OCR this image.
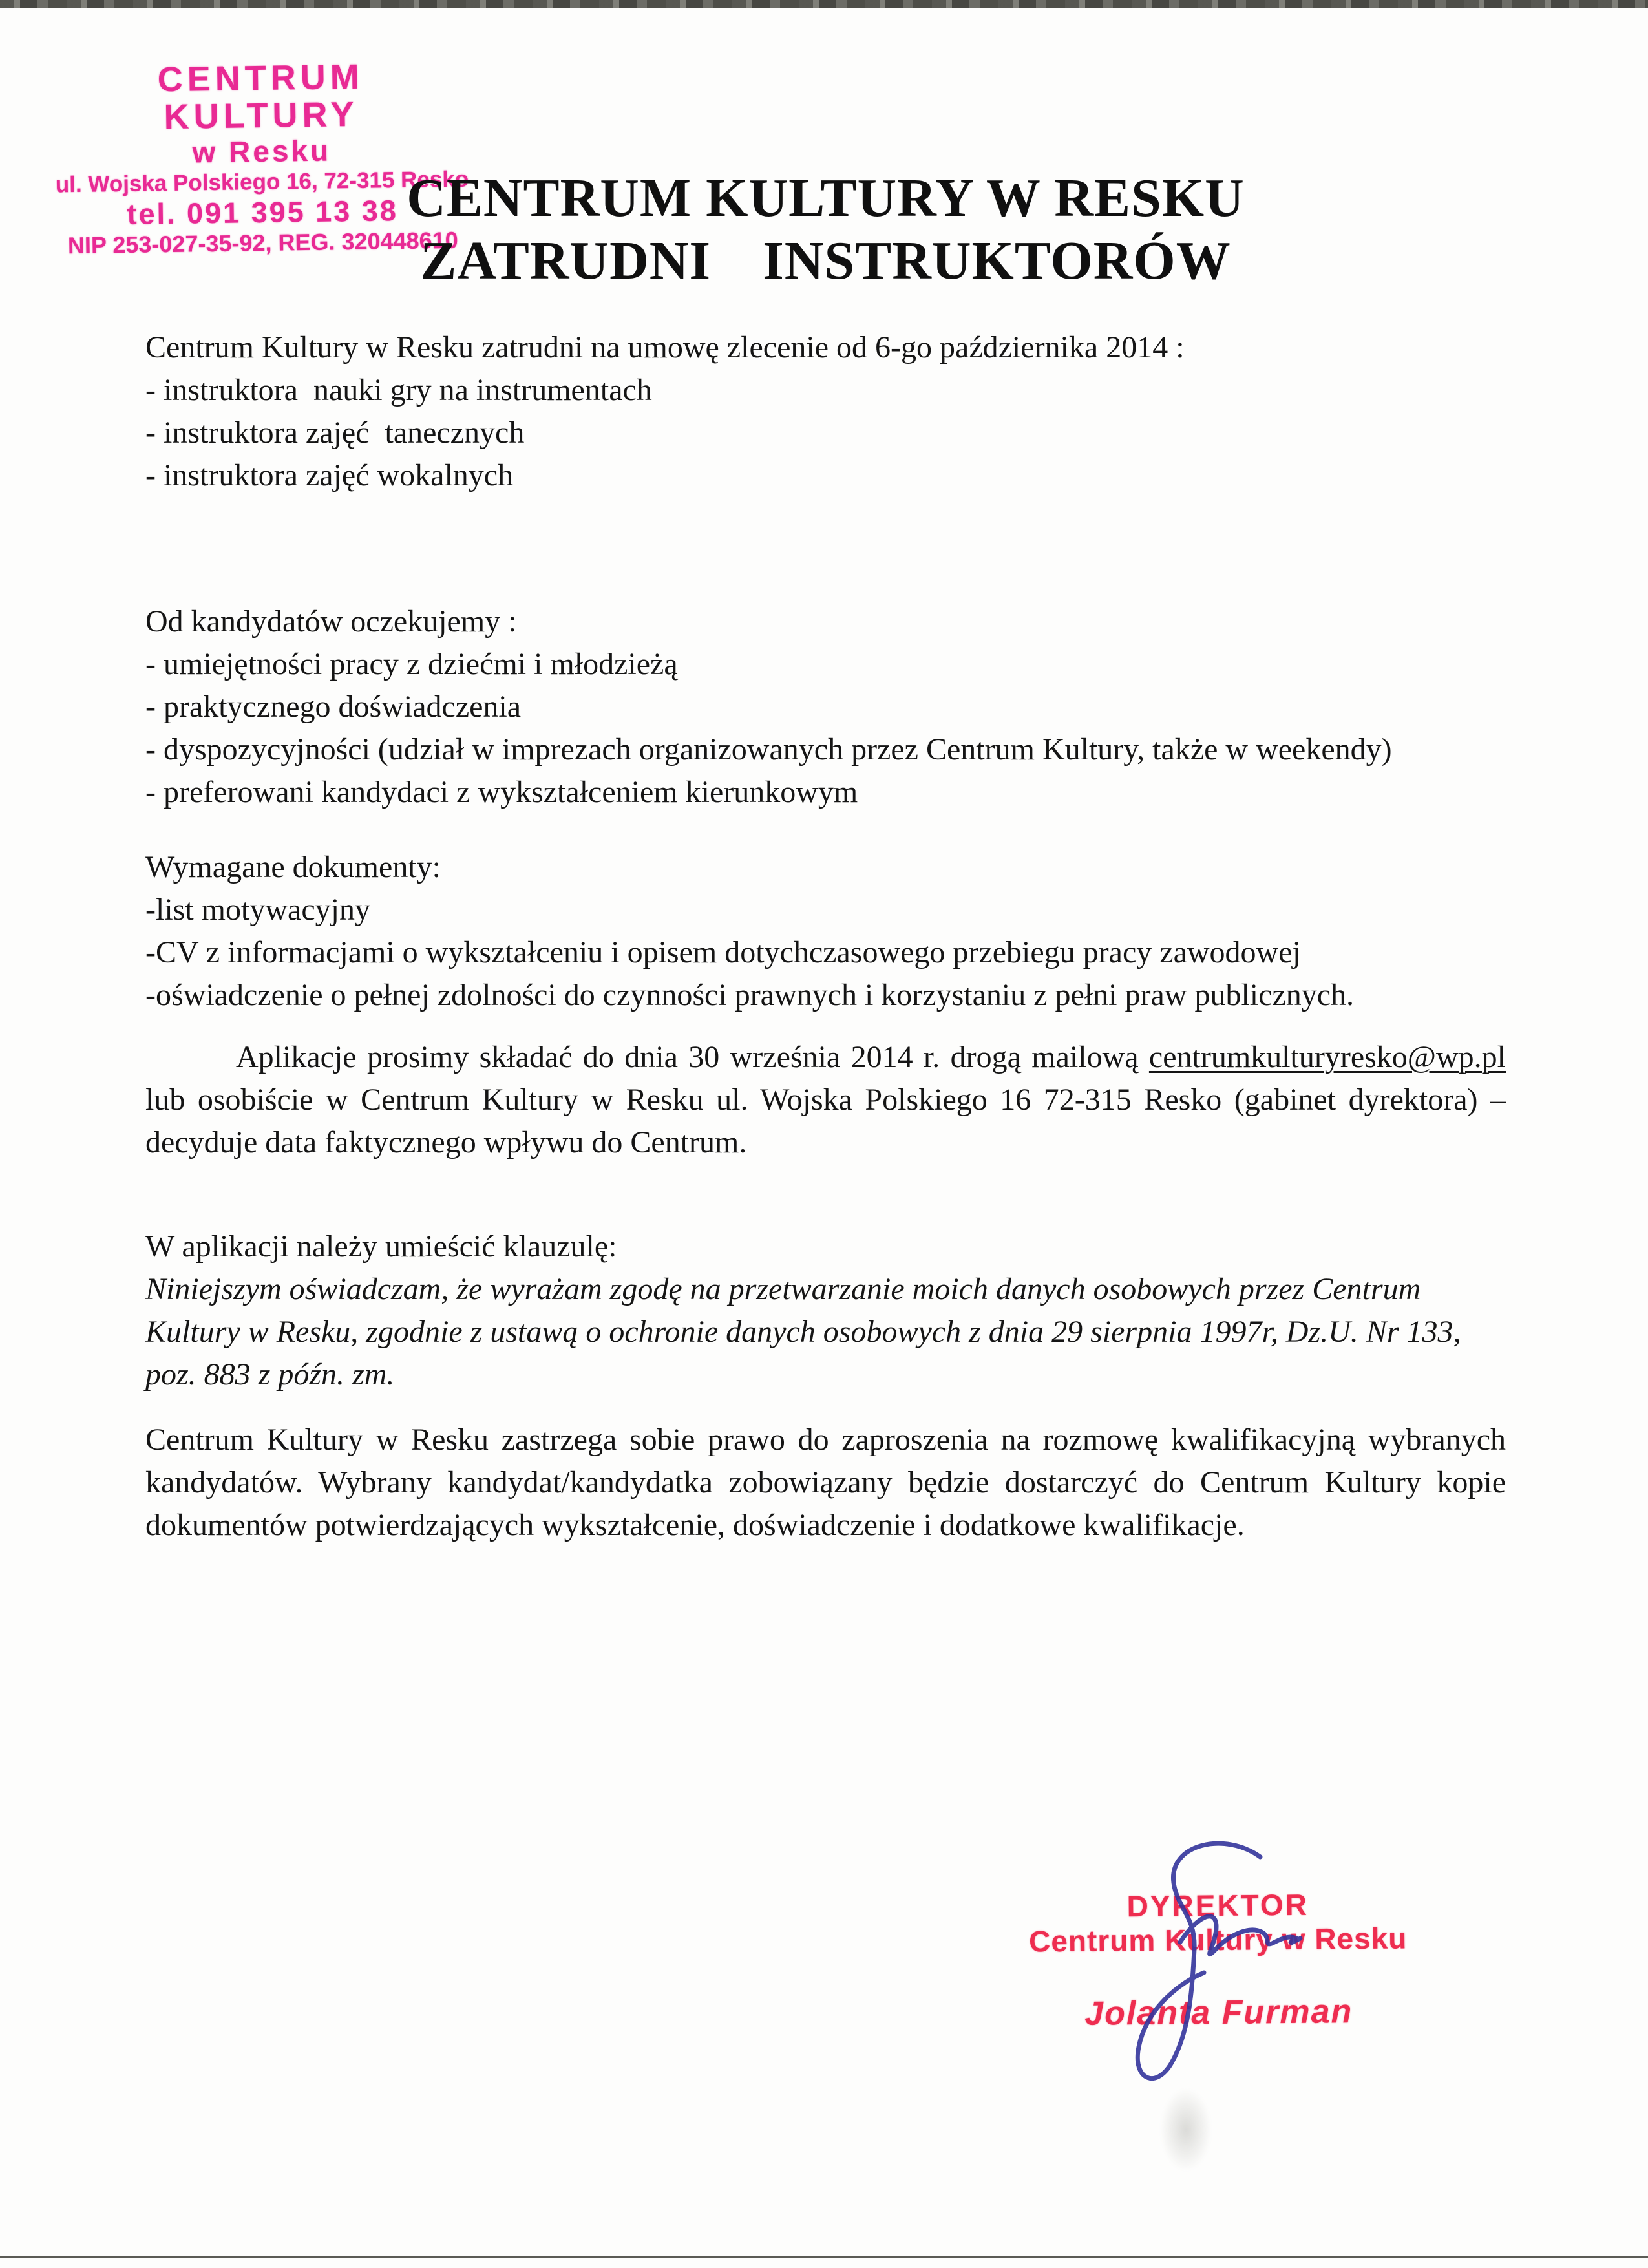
CENTRUM KULTURY
w Resku
ul. Wojska Polskiego 16, 72-315 Resko
tel. 091 395 13 38
NIP 253-027-35-92, REG. 320448610
CENTRUM KULTURY W RESKU
ZATRUDNI  INSTRUKTORÓW

Centrum Kultury w Resku zatrudni na umowę zlecenie od 6-go października 2014 :

- instruktora  nauki gry na instrumentach
- instruktora zajęć  tanecznych
- instruktora zajęć wokalnych

Od kandydatów oczekujemy :

- umiejętności pracy z dziećmi i młodzieżą
- praktycznego doświadczenia
- dyspozycyjności (udział w imprezach organizowanych przez Centrum Kultury, także w weekendy)
- preferowani kandydaci z wykształceniem kierunkowym

Wymagane dokumenty:

-list motywacyjny
-CV z informacjami o wykształceniu i opisem dotychczasowego przebiegu pracy zawodowej
-oświadczenie o pełnej zdolności do czynności prawnych i korzystaniu z pełni praw publicznych.

Aplikacje prosimy składać do dnia 30 września 2014 r. drogą mailową centrumkulturyresko@wp.pl lub osobiście w Centrum Kultury w Resku ul. Wojska Polskiego 16 72-315 Resko (gabinet dyrektora) – decyduje data faktycznego wpływu do Centrum.

W aplikacji należy umieścić klauzulę:

Niniejszym oświadczam, że wyrażam zgodę na przetwarzanie moich danych osobowych przez Centrum Kultury w Resku, zgodnie z ustawą o ochronie danych osobowych z dnia 29 sierpnia 1997r, Dz.U. Nr 133, poz. 883 z późn. zm.

Centrum Kultury w Resku zastrzega sobie prawo do zaproszenia na rozmowę kwalifikacyjną wybranych kandydatów. Wybrany kandydat/kandydatka zobowiązany będzie dostarczyć do Centrum Kultury kopie dokumentów potwierdzających wykształcenie, doświadczenie i dodatkowe kwalifikacje.

DYREKTOR
Centrum Kultury w Resku
Jolanta Furman
